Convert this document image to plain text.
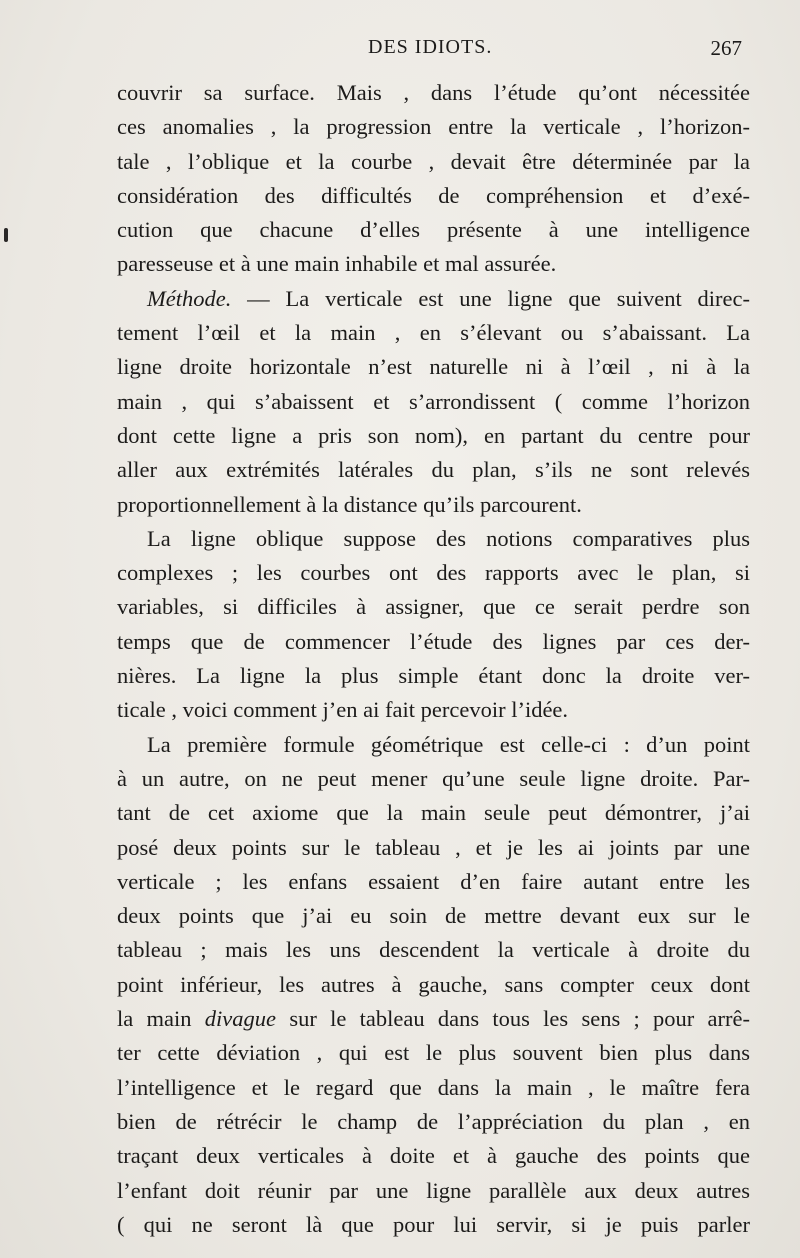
DES IDIOTS.	267
couvrir sa surface. Mais , dans l’étude qu’ont nécessitée
ces anomalies , la progression entre la verticale , l’horizon-
tale , l’oblique et la courbe , devait être déterminée par la
considération des difficultés de compréhension et d’exé-
cution que chacune d’elles présente à une intelligence
paresseuse et à une main inhabile et mal assurée.
Méthode. — La verticale est une ligne que suivent direc-
tement l’œil et la main , en s’élevant ou s’abaissant. La
ligne droite horizontale n’est naturelle ni à l’œil , ni à la
main , qui s’abaissent et s’arrondissent ( comme l’horizon
dont cette ligne a pris son nom), en partant du centre pour
aller aux extrémités latérales du plan, s’ils ne sont relevés
proportionnellement à la distance qu’ils parcourent.
La ligne oblique suppose des notions comparatives plus
complexes ; les courbes ont des rapports avec le plan, si
variables, si difficiles à assigner, que ce serait perdre son
temps que de commencer l’étude des lignes par ces der-
nières. La ligne la plus simple étant donc la droite ver-
ticale , voici comment j’en ai fait percevoir l’idée.
La première formule géométrique est celle-ci : d’un point
à un autre, on ne peut mener qu’une seule ligne droite. Par-
tant de cet axiome que la main seule peut démontrer, j’ai
posé deux points sur le tableau , et je les ai joints par une
verticale ; les enfans essaient d’en faire autant entre les
deux points que j’ai eu soin de mettre devant eux sur le
tableau ; mais les uns descendent la verticale à droite du
point inférieur, les autres à gauche, sans compter ceux dont
la main divague sur le tableau dans tous les sens ; pour arrê-
ter cette déviation , qui est le plus souvent bien plus dans
l’intelligence et le regard que dans la main , le maître fera
bien de rétrécir le champ de l’appréciation du plan , en
traçant deux verticales à doite et à gauche des points que
l’enfant doit réunir par une ligne parallèle aux deux autres
( qui ne seront là que pour lui servir, si je puis parler
